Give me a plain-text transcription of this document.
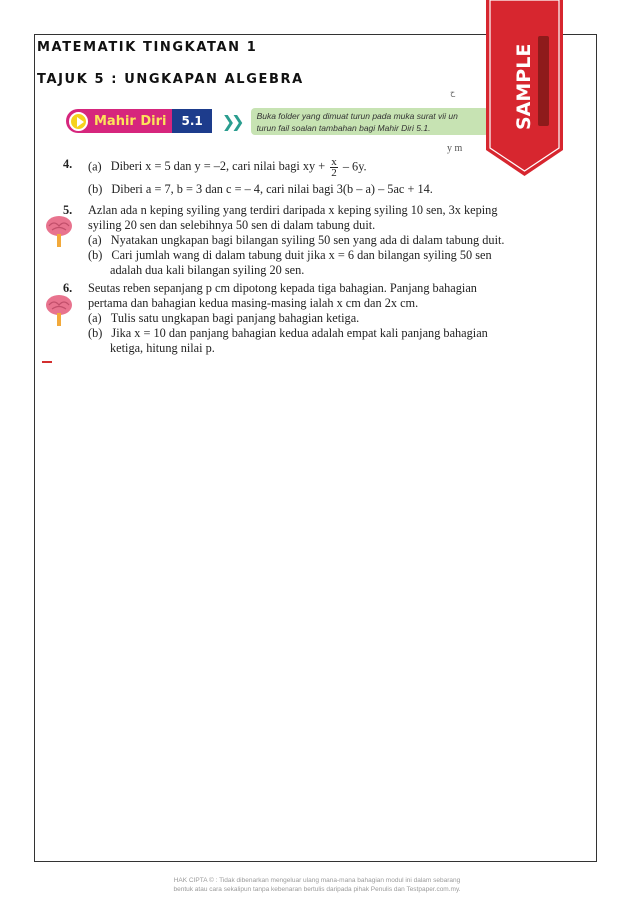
MATEMATIK TINGKATAN 1
TAJUK 5 : UNGKAPAN ALGEBRA
ح
Mahir Diri	5.1	❯❯ Buka folder yang dimuat turun pada muka surat vii un
turun fail soalan tambahan bagi Mahir Diri 5.1.
y m
SAMPLE
4. (a) Diberi x = 5 dan y = –2, cari nilai bagi xy + $\frac{x}{2} - 6y$.
(b) Diberi a = 7, b = 3 dan c = – 4, cari nilai bagi 3(b – a) – 5ac + 14.
5. Azlan ada n keping syiling yang terdiri daripada x keping syiling 10 sen, 3x keping
syiling 20 sen dan selebihnya 50 sen di dalam tabung duit.
(a) Nyatakan ungkapan bagi bilangan syiling 50 sen yang ada di dalam tabung duit.
(b) Cari jumlah wang di dalam tabung duit jika x = 6 dan bilangan syiling 50 sen
adalah dua kali bilangan syiling 20 sen.
6. Seutas reben sepanjang p cm dipotong kepada tiga bahagian. Panjang bahagian
pertama dan bahagian kedua masing-masing ialah x cm dan 2x cm.
(a) Tulis satu ungkapan bagi panjang bahagian ketiga.
(b) Jika x = 10 dan panjang bahagian kedua adalah empat kali panjang bahagian
ketiga, hitung nilai p.
HAK CIPTA © : Tidak dibenarkan mengeluar ulang mana-mana bahagian modul ini dalam sebarang
bentuk atau cara sekalipun tanpa kebenaran bertulis daripada pihak Penulis dan Testpaper.com.my.
